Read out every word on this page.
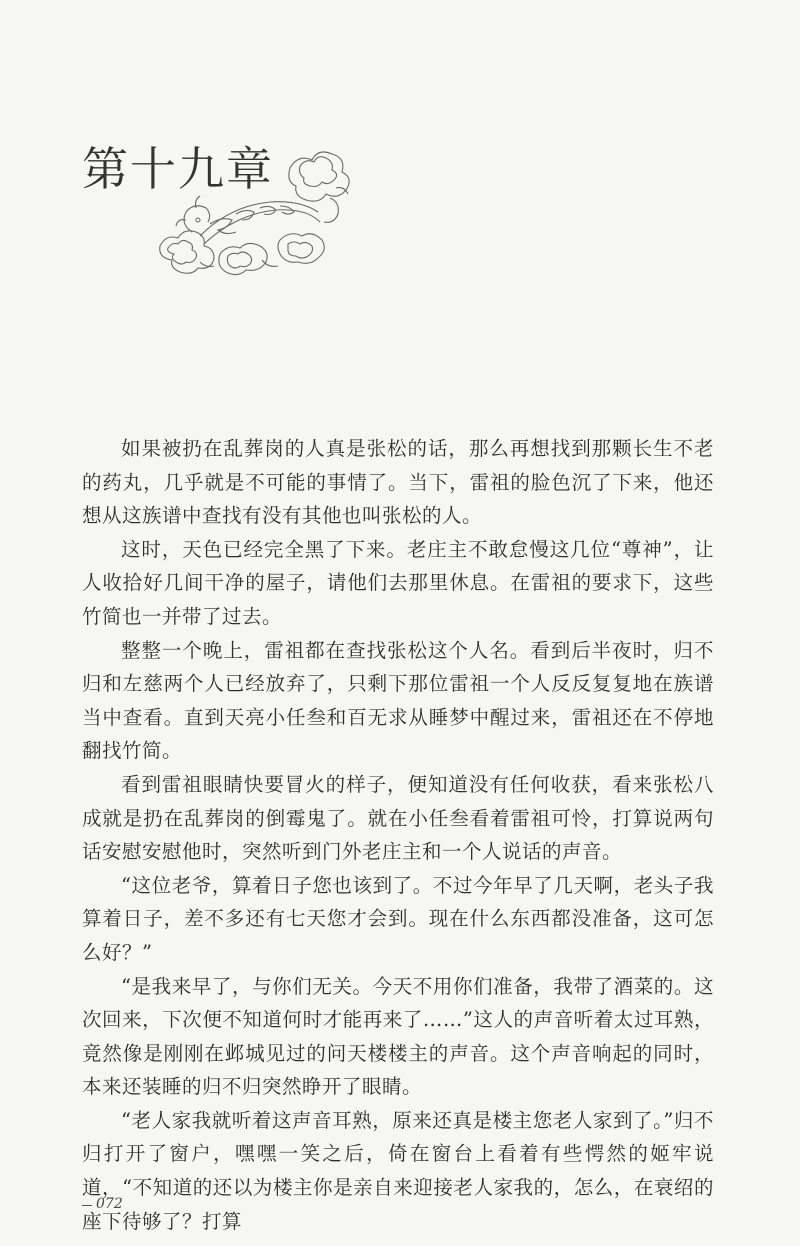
第十九章

如果被扔在乱葬岗的人真是张松的话，那么再想找到那颗长生不老的药丸，几乎就是不可能的事情了。当下，雷祖的脸色沉了下来，他还想从这族谱中查找有没有其他也叫张松的人。

这时，天色已经完全黑了下来。老庄主不敢怠慢这几位“尊神”，让人收拾好几间干净的屋子，请他们去那里休息。在雷祖的要求下，这些竹简也一并带了过去。

整整一个晚上，雷祖都在查找张松这个人名。看到后半夜时，归不归和左慈两个人已经放弃了，只剩下那位雷祖一个人反反复复地在族谱当中查看。直到天亮小任叁和百无求从睡梦中醒过来，雷祖还在不停地翻找竹简。

看到雷祖眼睛快要冒火的样子，便知道没有任何收获，看来张松八成就是扔在乱葬岗的倒霉鬼了。就在小任叁看着雷祖可怜，打算说两句话安慰安慰他时，突然听到门外老庄主和一个人说话的声音。

“这位老爷，算着日子您也该到了。不过今年早了几天啊，老头子我算着日子，差不多还有七天您才会到。现在什么东西都没准备，这可怎么好？”

“是我来早了，与你们无关。今天不用你们准备，我带了酒菜的。这次回来，下次便不知道何时才能再来了……”这人的声音听着太过耳熟，竟然像是刚刚在邺城见过的问天楼楼主的声音。这个声音响起的同时，本来还装睡的归不归突然睁开了眼睛。

“老人家我就听着这声音耳熟，原来还真是楼主您老人家到了。”归不归打开了窗户，嘿嘿一笑之后，倚在窗台上看着有些愕然的姬牢说道，“不知道的还以为楼主你是亲自来迎接老人家我的，怎么，在衰绍的座下待够了？打算

072
